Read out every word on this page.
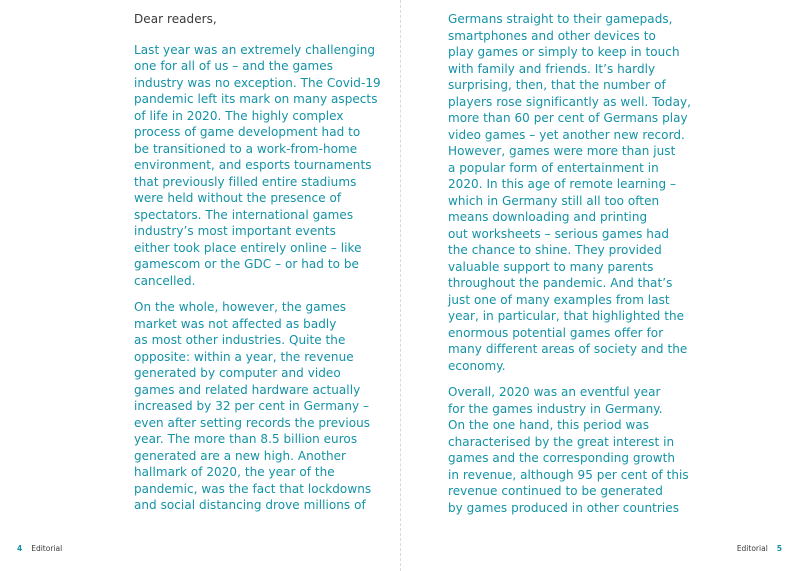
Dear readers,
Last year was an extremely challenging
one for all of us – and the games
industry was no exception. The Covid-19
pandemic left its mark on many aspects
of life in 2020. The highly complex
process of game development had to
be transitioned to a work-from-home
environment, and esports tournaments
that previously filled entire stadiums
were held without the presence of
spectators. The international games
industry’s most important events
either took place entirely online – like
gamescom or the GDC – or had to be
cancelled.
On the whole, however, the games
market was not affected as badly
as most other industries. Quite the
opposite: within a year, the revenue
generated by computer and video
games and related hardware actually
increased by 32 per cent in Germany –
even after setting records the previous
year. The more than 8.5 billion euros
generated are a new high. Another
hallmark of 2020, the year of the
pandemic, was the fact that lockdowns
and social distancing drove millions of
4 Editorial
Germans straight to their gamepads,
smartphones and other devices to
play games or simply to keep in touch
with family and friends. It’s hardly
surprising, then, that the number of
players rose significantly as well. Today,
more than 60 per cent of Germans play
video games – yet another new record.
However, games were more than just
a popular form of entertainment in
2020. In this age of remote learning –
which in Germany still all too often
means downloading and printing
out worksheets – serious games had
the chance to shine. They provided
valuable support to many parents
throughout the pandemic. And that’s
just one of many examples from last
year, in particular, that highlighted the
enormous potential games offer for
many different areas of society and the
economy.
Overall, 2020 was an eventful year
for the games industry in Germany.
On the one hand, this period was
characterised by the great interest in
games and the corresponding growth
in revenue, although 95 per cent of this
revenue continued to be generated
by games produced in other countries
Editorial 5
